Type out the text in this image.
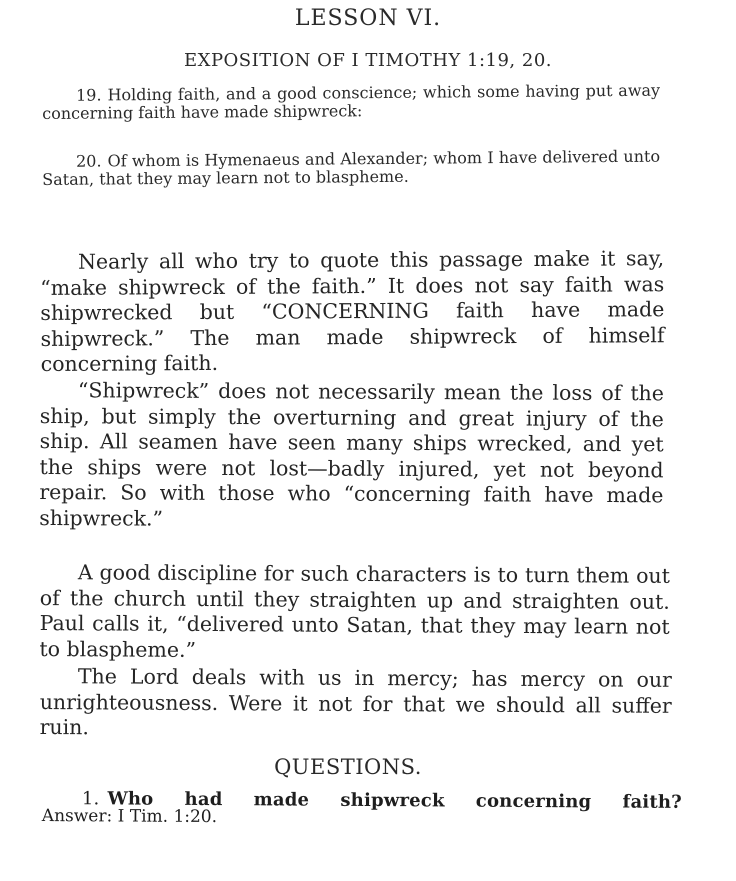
LESSON VI.
EXPOSITION OF I TIMOTHY 1:19, 20.
19. Holding faith, and a good conscience; which some having put away concerning faith have made shipwreck:
20. Of whom is Hymenaeus and Alexander; whom I have delivered unto Satan, that they may learn not to blaspheme.

Nearly all who try to quote this passage make it say, “make shipwreck of the faith.” It does not say faith was shipwrecked but “CONCERNING faith have made shipwreck.” The man made shipwreck of himself concerning faith.

“Shipwreck” does not necessarily mean the loss of the ship, but simply the overturning and great injury of the ship. All seamen have seen many ships wrecked, and yet the ships were not lost—badly injured, yet not beyond repair. So with those who “concerning faith have made shipwreck.”

A good discipline for such characters is to turn them out of the church until they straighten up and straighten out. Paul calls it, “delivered unto Satan, that they may learn not to blaspheme.”

The Lord deals with us in mercy; has mercy on our unrighteousness. Were it not for that we should all suffer ruin.

QUESTIONS.
1. Who had made shipwreck concerning faith?
Answer: I Tim. 1:20.
